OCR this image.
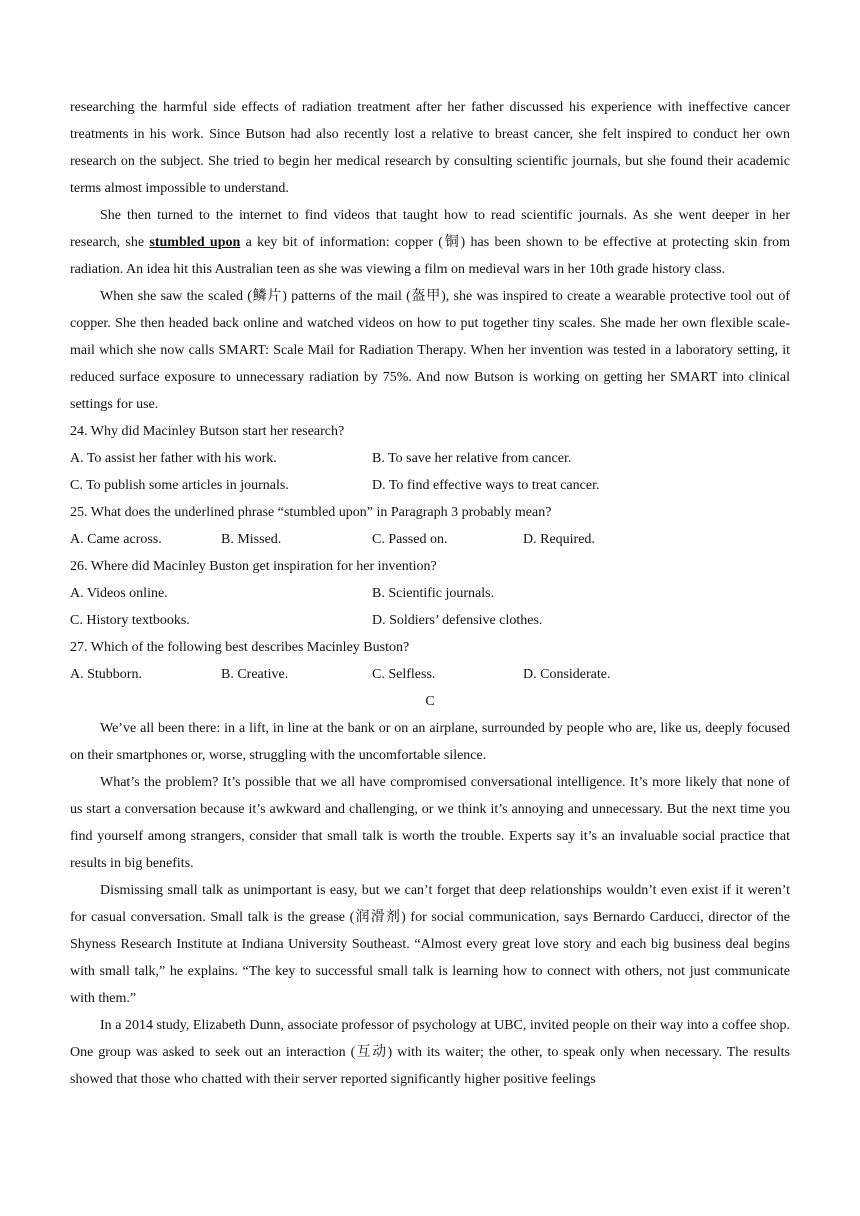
researching the harmful side effects of radiation treatment after her father discussed his experience with ineffective cancer treatments in his work. Since Butson had also recently lost a relative to breast cancer, she felt inspired to conduct her own research on the subject. She tried to begin her medical research by consulting scientific journals, but she found their academic terms almost impossible to understand.

She then turned to the internet to find videos that taught how to read scientific journals. As she went deeper in her research, she stumbled upon a key bit of information: copper (铜) has been shown to be effective at protecting skin from radiation. An idea hit this Australian teen as she was viewing a film on medieval wars in her 10th grade history class.

When she saw the scaled (鳞片) patterns of the mail (盔甲), she was inspired to create a wearable protective tool out of copper. She then headed back online and watched videos on how to put together tiny scales. She made her own flexible scale-mail which she now calls SMART: Scale Mail for Radiation Therapy. When her invention was tested in a laboratory setting, it reduced surface exposure to unnecessary radiation by 75%. And now Butson is working on getting her SMART into clinical settings for use.

24. Why did Macinley Butson start her research?

A. To assist her father with his work.	B. To save her relative from cancer.
C. To publish some articles in journals.	D. To find effective ways to treat cancer.

25. What does the underlined phrase “stumbled upon” in Paragraph 3 probably mean?

A. Came across.	B. Missed.	C. Passed on.	D. Required.

26. Where did Macinley Buston get inspiration for her invention?

A. Videos online.	B. Scientific journals.
C. History textbooks.	D. Soldiers’ defensive clothes.

27. Which of the following best describes Macinley Buston?

A. Stubborn.	B. Creative.	C. Selfless.	D. Considerate.
C

We’ve all been there: in a lift, in line at the bank or on an airplane, surrounded by people who are, like us, deeply focused on their smartphones or, worse, struggling with the uncomfortable silence.

What’s the problem? It’s possible that we all have compromised conversational intelligence. It’s more likely that none of us start a conversation because it’s awkward and challenging, or we think it’s annoying and unnecessary. But the next time you find yourself among strangers, consider that small talk is worth the trouble. Experts say it’s an invaluable social practice that results in big benefits.

Dismissing small talk as unimportant is easy, but we can’t forget that deep relationships wouldn’t even exist if it weren’t for casual conversation. Small talk is the grease (润滑剂) for social communication, says Bernardo Carducci, director of the Shyness Research Institute at Indiana University Southeast. “Almost every great love story and each big business deal begins with small talk,” he explains. “The key to successful small talk is learning how to connect with others, not just communicate with them.”

In a 2014 study, Elizabeth Dunn, associate professor of psychology at UBC, invited people on their way into a coffee shop. One group was asked to seek out an interaction (互动) with its waiter; the other, to speak only when necessary. The results showed that those who chatted with their server reported significantly higher positive feelings
